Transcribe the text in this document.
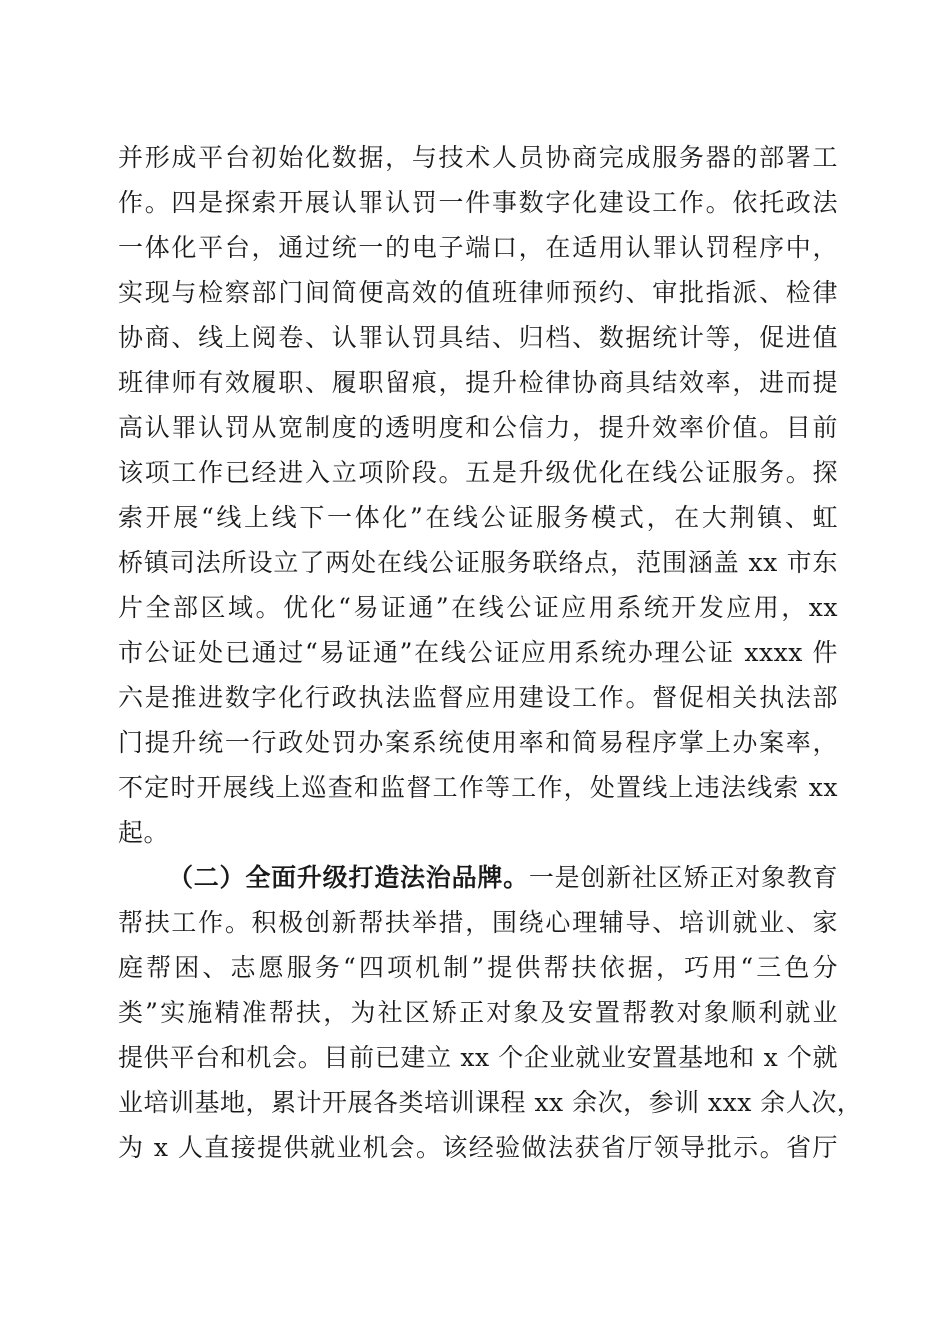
并形成平台初始化数据，与技术人员协商完成服务器的部署工
作。四是探索开展认罪认罚一件事数字化建设工作。依托政法
一体化平台，通过统一的电子端口，在适用认罪认罚程序中，
实现与检察部门间简便高效的值班律师预约、审批指派、检律
协商、线上阅卷、认罪认罚具结、归档、数据统计等，促进值
班律师有效履职、履职留痕，提升检律协商具结效率，进而提
高认罪认罚从宽制度的透明度和公信力，提升效率价值。目前
该项工作已经进入立项阶段。五是升级优化在线公证服务。探
索开展“线上线下一体化”在线公证服务模式，在大荆镇、虹
桥镇司法所设立了两处在线公证服务联络点，范围涵盖 xx 市东
片全部区域。优化“易证通”在线公证应用系统开发应用，xx
市公证处已通过“易证通”在线公证应用系统办理公证 xxxx 件
六是推进数字化行政执法监督应用建设工作。督促相关执法部
门提升统一行政处罚办案系统使用率和简易程序掌上办案率，
不定时开展线上巡查和监督工作等工作，处置线上违法线索 xx
起。
（二）全面升级打造法治品牌。一是创新社区矫正对象教育
帮扶工作。积极创新帮扶举措，围绕心理辅导、培训就业、家
庭帮困、志愿服务“四项机制”提供帮扶依据，巧用“三色分
类”实施精准帮扶，为社区矫正对象及安置帮教对象顺利就业
提供平台和机会。目前已建立 xx 个企业就业安置基地和 x 个就
业培训基地，累计开展各类培训课程 xx 余次，参训 xxx 余人次，
为 x 人直接提供就业机会。该经验做法获省厅领导批示。省厅
